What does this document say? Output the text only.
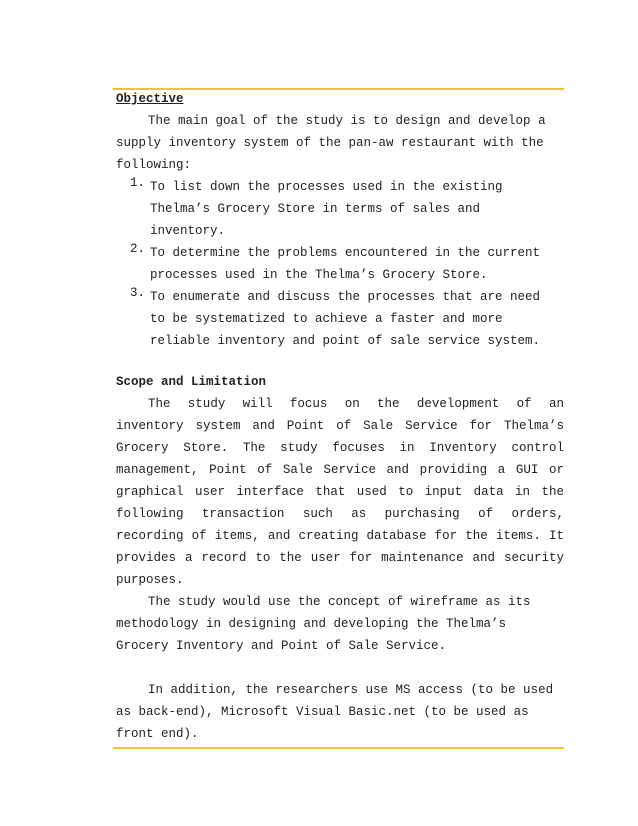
Objective

The main goal of the study is to design and develop a
supply inventory system of the pan-aw restaurant with the
following:

1. To list down the processes used in the existing
Thelma’s Grocery Store in terms of sales and
inventory.
2. To determine the problems encountered in the current
processes used in the Thelma’s Grocery Store.
3. To enumerate and discuss the processes that are need
to be systematized to achieve a faster and more
reliable inventory and point of sale service system.

Scope and Limitation

The study will focus on the development of an
inventory system and Point of Sale Service for Thelma’s
Grocery Store. The study focuses in Inventory control
management, Point of Sale Service and providing a GUI or
graphical user interface that used to input data in the
following transaction such as purchasing of orders,
recording of items, and creating database for the items. It
provides a record to the user for maintenance and security
purposes.

The study would use the concept of wireframe as its
methodology in designing and developing the Thelma’s
Grocery Inventory and Point of Sale Service.

In addition, the researchers use MS access (to be used
as back-end), Microsoft Visual Basic.net (to be used as
front end).
